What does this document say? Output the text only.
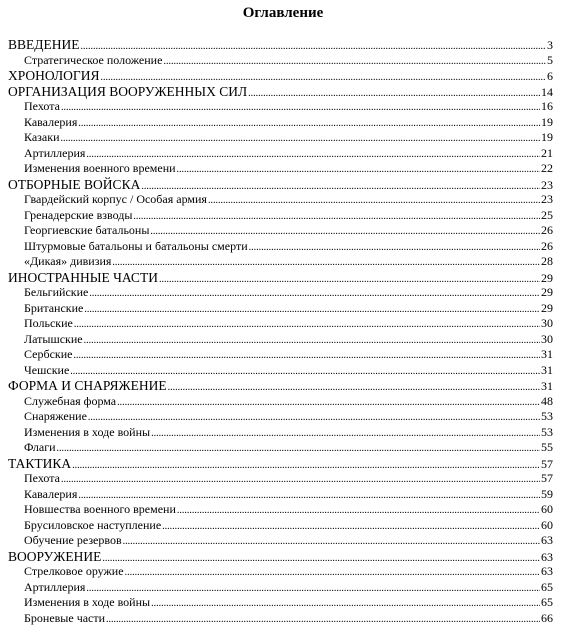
Оглавление
ВВЕДЕНИЕ .....	3
Стратегическое положение .....	5
ХРОНОЛОГИЯ .....	6
ОРГАНИЗАЦИЯ ВООРУЖЕННЫХ СИЛ .....	14
Пехота .....	16
Кавалерия .....	19
Казаки .....	19
Артиллерия .....	21
Изменения военного времени .....	22
ОТБОРНЫЕ ВОЙСКА .....	23
Гвардейский корпус / Особая армия .....	23
Гренадерские взводы .....	25
Георгиевские батальоны .....	26
Штурмовые батальоны и батальоны смерти .....	26
«Дикая» дивизия .....	28
ИНОСТРАННЫЕ ЧАСТИ .....	29
Бельгийские .....	29
Британские .....	29
Польские .....	30
Латышские .....	30
Сербские .....	31
Чешские .....	31
ФОРМА И СНАРЯЖЕНИЕ .....	31
Служебная форма .....	48
Снаряжение .....	53
Изменения в ходе войны .....	53
Флаги .....	55
ТАКТИКА .....	57
Пехота .....	57
Кавалерия .....	59
Новшества военного времени .....	60
Брусиловское наступление .....	60
Обучение резервов .....	63
ВООРУЖЕНИЕ .....	63
Стрелковое оружие .....	63
Артиллерия .....	65
Изменения в ходе войны .....	65
Броневые части .....	66
